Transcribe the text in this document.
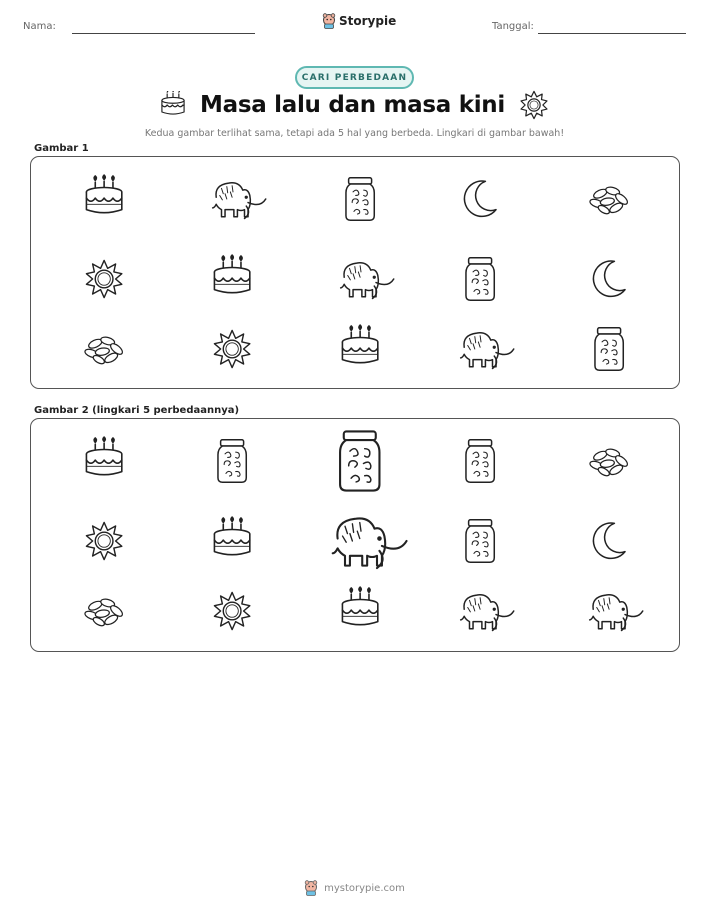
Nama:	Storypie	Tanggal:
CARI PERBEDAAN
Masa lalu dan masa kini

Kedua gambar terlihat sama, tetapi ada 5 hal yang berbeda. Lingkari di gambar bawah!

Gambar 1
Gambar 2 (lingkari 5 perbedaannya)
mystorypie.com
